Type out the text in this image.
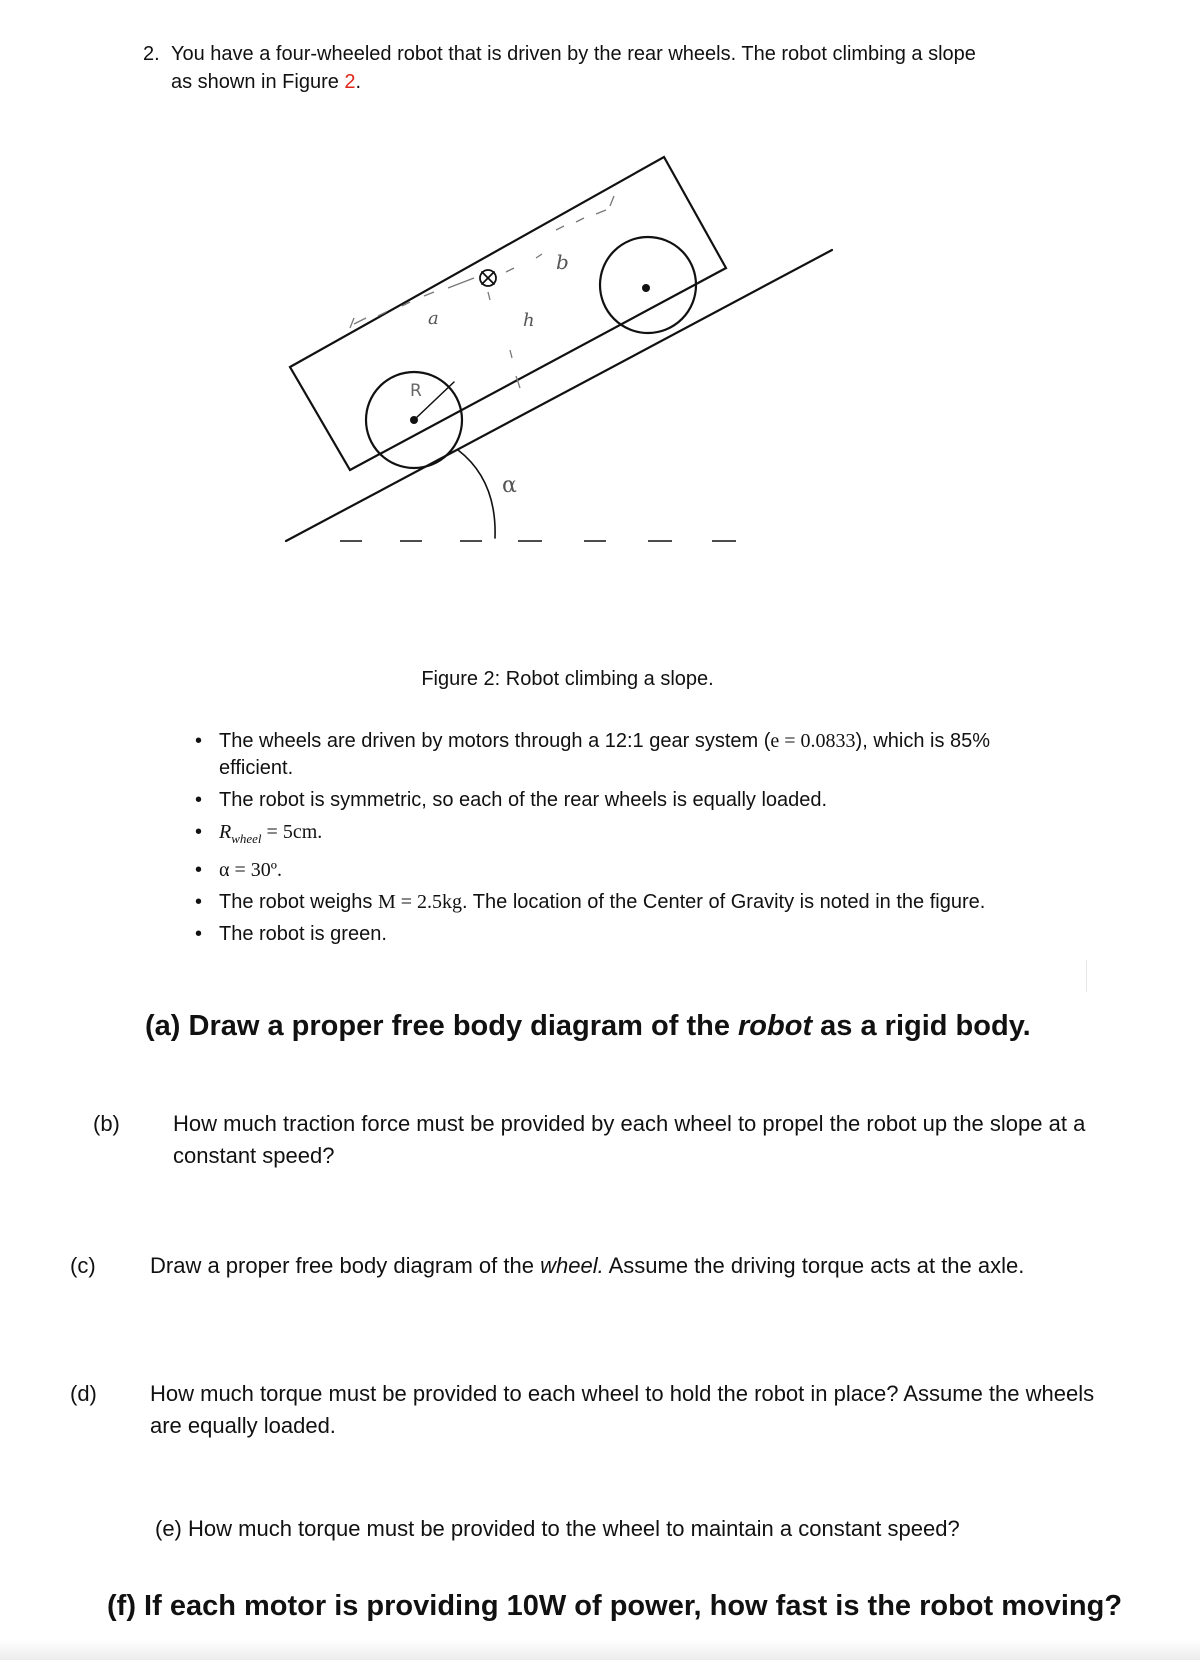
2. You have a four-wheeled robot that is driven by the rear wheels. The robot climbing a slope
as shown in Figure 2.
a
b
h
R
α
Figure 2: Robot climbing a slope.
• The wheels are driven by motors through a 12:1 gear system (e = 0.0833), which is 85%
efficient.
• The robot is symmetric, so each of the rear wheels is equally loaded.
• $R_{wheel} = 5cm$.
• α = 30º.
• The robot weighs M = 2.5kg. The location of the Center of Gravity is noted in the figure.
• The robot is green.
(a) Draw a proper free body diagram of the robot as a rigid body.
(b) How much traction force must be provided by each wheel to propel the robot up the slope at a constant speed?
(c) Draw a proper free body diagram of the wheel. Assume the driving torque acts at the axle.
(d) How much torque must be provided to each wheel to hold the robot in place? Assume the wheels are equally loaded.
(e) How much torque must be provided to the wheel to maintain a constant speed?
(f) If each motor is providing 10W of power, how fast is the robot moving?
